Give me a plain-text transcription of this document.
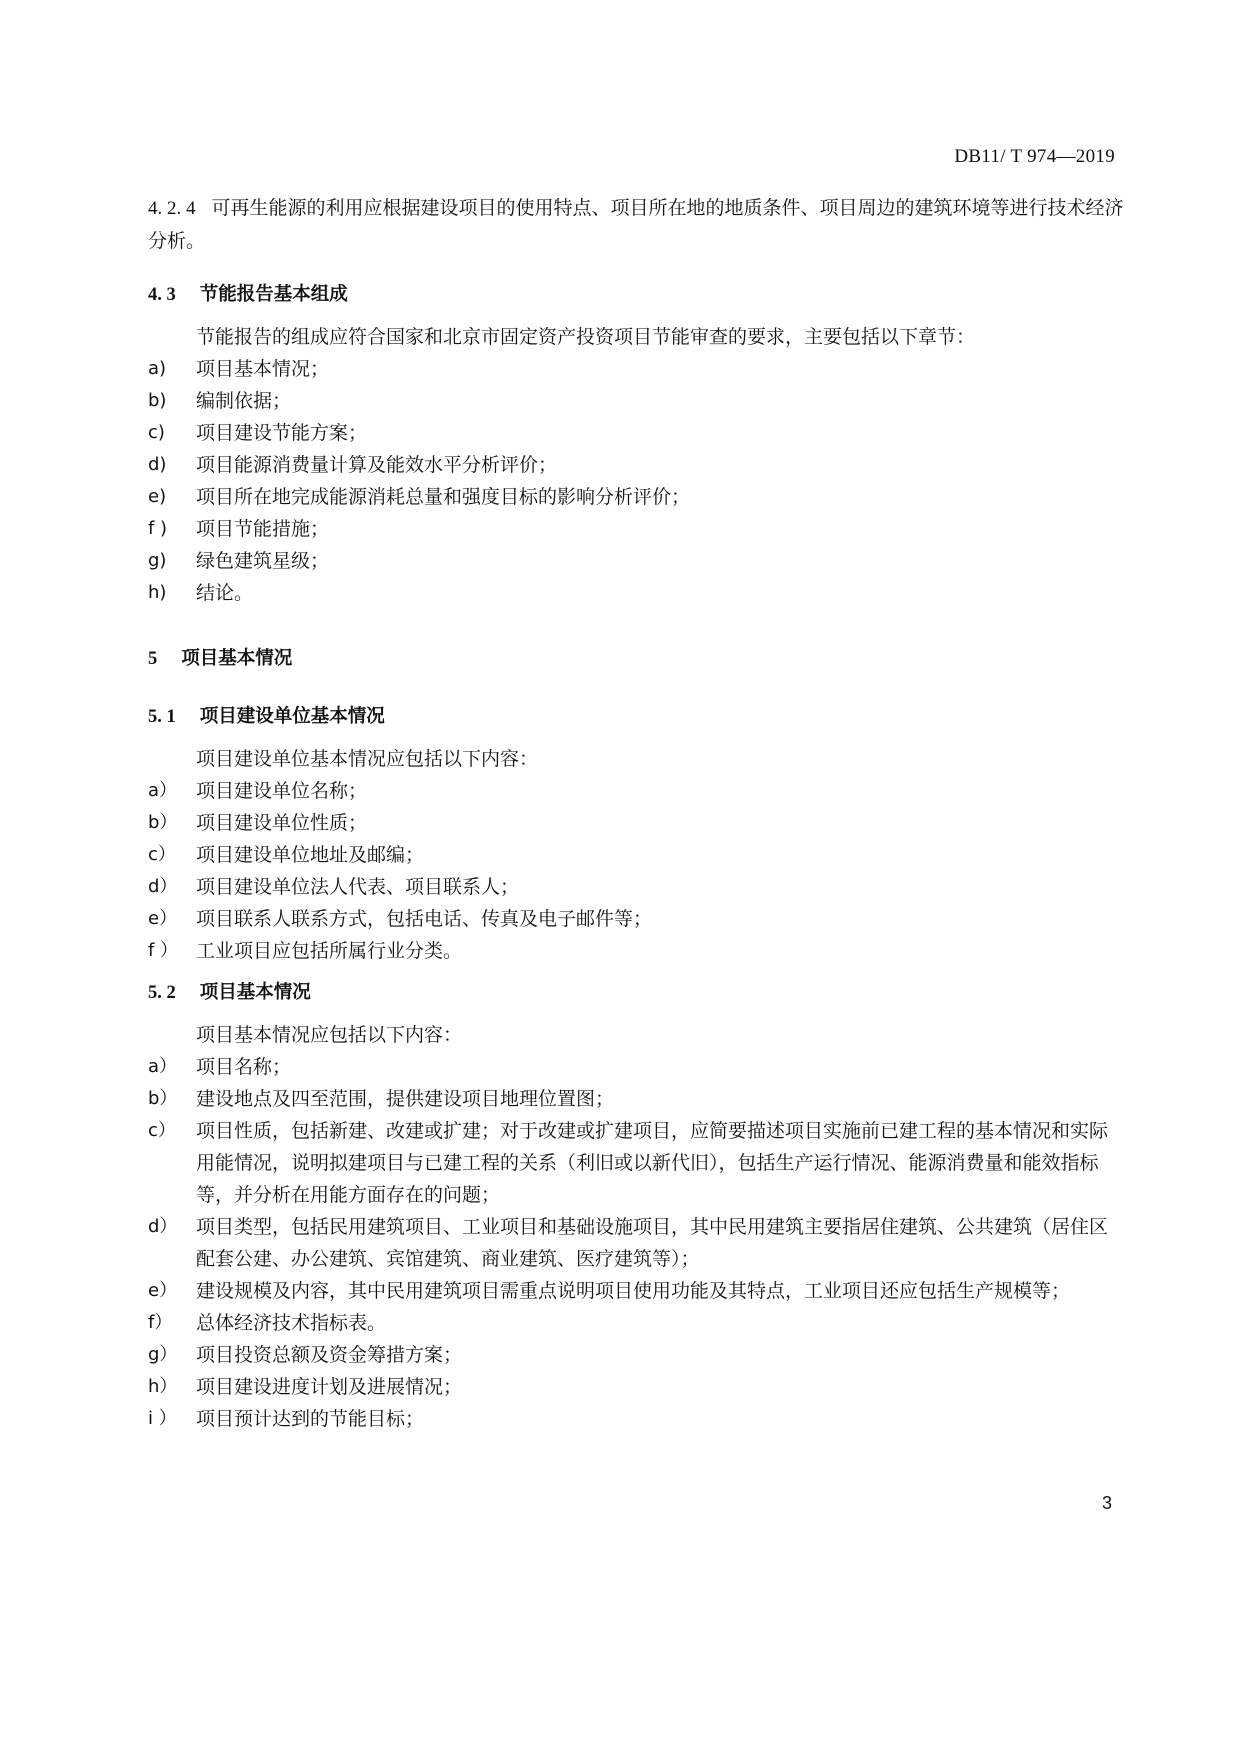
DB11/ T 974—2019

4. 2. 4 可再生能源的利用应根据建设项目的使用特点、项目所在地的地质条件、项目周边的建筑环境等进行技术经济分析。

4. 3 节能报告基本组成

节能报告的组成应符合国家和北京市固定资产投资项目节能审查的要求，主要包括以下章节：

a)	项目基本情况；
b)	编制依据；
c)	项目建设节能方案；
d)	项目能源消费量计算及能效水平分析评价；
e)	项目所在地完成能源消耗总量和强度目标的影响分析评价；
f )	项目节能措施；
g)	绿色建筑星级；
h)	结论。
5 项目基本情况
5. 1 项目建设单位基本情况

项目建设单位基本情况应包括以下内容：

a） 项目建设单位名称；
b） 项目建设单位性质；
c）	项目建设单位地址及邮编；
d） 项目建设单位法人代表、项目联系人；
e） 项目联系人联系方式，包括电话、传真及电子邮件等；
f ） 工业项目应包括所属行业分类。
5. 2 项目基本情况

项目基本情况应包括以下内容：

a） 项目名称；
b） 建设地点及四至范围，提供建设项目地理位置图；
c）	项目性质，包括新建、改建或扩建；对于改建或扩建项目，应简要描述项目实施前已建工程的基本情况和实际用能情况，说明拟建项目与已建工程的关系（利旧或以新代旧），包括生产运行情况、能源消费量和能效指标等，并分析在用能方面存在的问题；
d） 项目类型，包括民用建筑项目、工业项目和基础设施项目，其中民用建筑主要指居住建筑、公共建筑（居住区配套公建、办公建筑、宾馆建筑、商业建筑、医疗建筑等）；
e） 建设规模及内容，其中民用建筑项目需重点说明项目使用功能及其特点，工业项目还应包括生产规模等；
f）	总体经济技术指标表。
g） 项目投资总额及资金筹措方案；
h） 项目建设进度计划及进展情况；
i ）	项目预计达到的节能目标；
3
